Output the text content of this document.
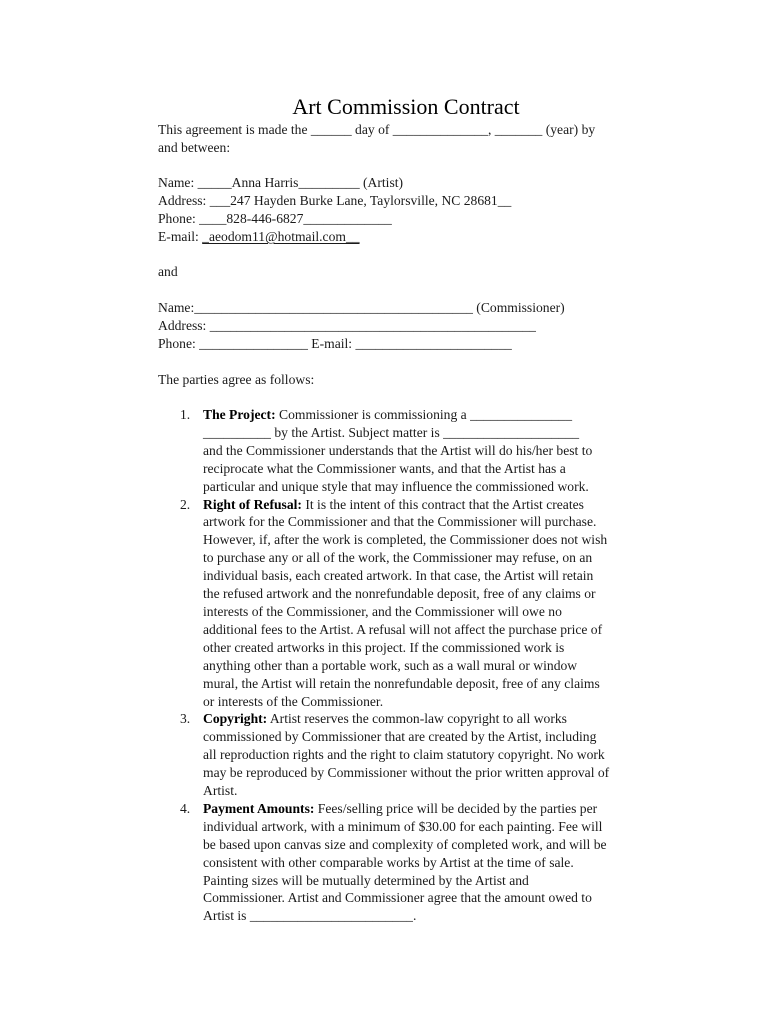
Art Commission Contract
This agreement is made the ______ day of ______________, _______ (year) by
and between:
Name: _____Anna Harris_________ (Artist)
Address: ___247 Hayden Burke Lane, Taylorsville, NC 28681__
Phone: ____828-446-6827_____________
E-mail: _aeodom11@hotmail.com__
and
Name:_________________________________________ (Commissioner)
Address: ________________________________________________
Phone: ________________ E-mail: _______________________
The parties agree as follows:
1. The Project: Commissioner is commissioning a _______________
__________ by the Artist. Subject matter is ____________________
and the Commissioner understands that the Artist will do his/her best to
reciprocate what the Commissioner wants, and that the Artist has a
particular and unique style that may influence the commissioned work.
2. Right of Refusal: It is the intent of this contract that the Artist creates
artwork for the Commissioner and that the Commissioner will purchase.
However, if, after the work is completed, the Commissioner does not wish
to purchase any or all of the work, the Commissioner may refuse, on an
individual basis, each created artwork. In that case, the Artist will retain
the refused artwork and the nonrefundable deposit, free of any claims or
interests of the Commissioner, and the Commissioner will owe no
additional fees to the Artist. A refusal will not affect the purchase price of
other created artworks in this project. If the commissioned work is
anything other than a portable work, such as a wall mural or window
mural, the Artist will retain the nonrefundable deposit, free of any claims
or interests of the Commissioner.
3. Copyright: Artist reserves the common-law copyright to all works
commissioned by Commissioner that are created by the Artist, including
all reproduction rights and the right to claim statutory copyright. No work
may be reproduced by Commissioner without the prior written approval of
Artist.
4. Payment Amounts: Fees/selling price will be decided by the parties per
individual artwork, with a minimum of $30.00 for each painting. Fee will
be based upon canvas size and complexity of completed work, and will be
consistent with other comparable works by Artist at the time of sale.
Painting sizes will be mutually determined by the Artist and
Commissioner. Artist and Commissioner agree that the amount owed to
Artist is ________________________.
